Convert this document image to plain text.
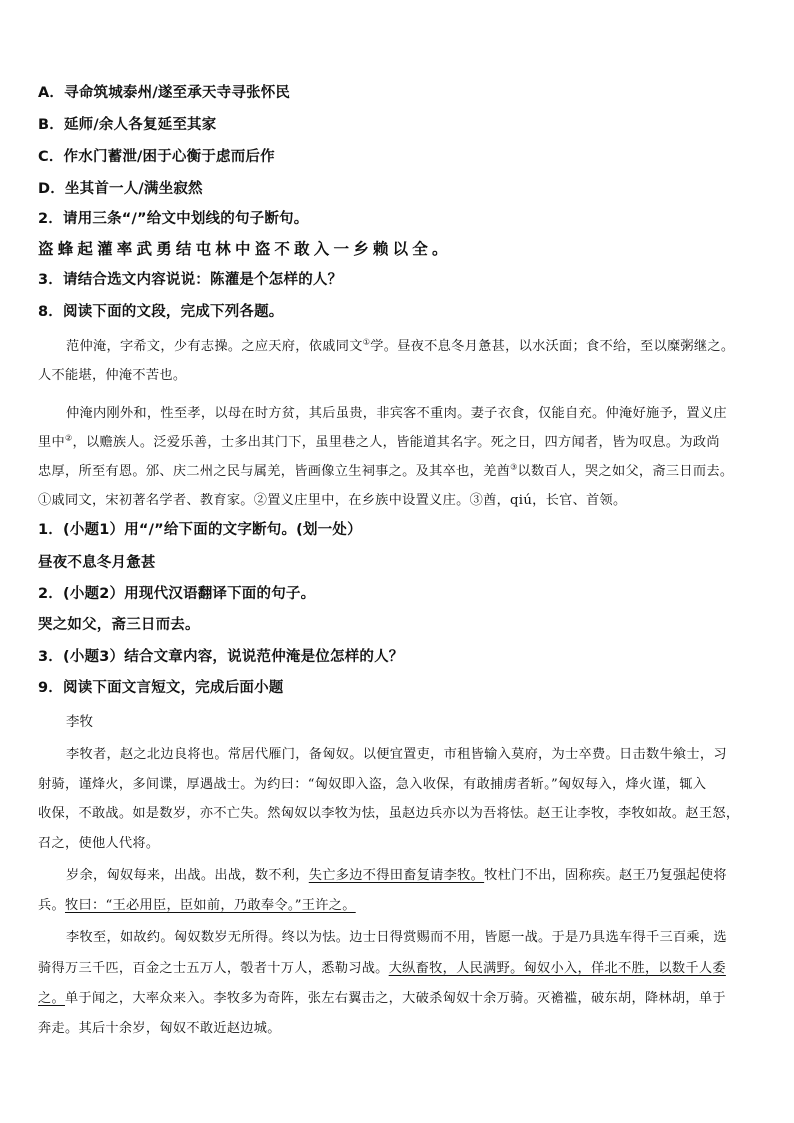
A．寻命筑城泰州/遂至承天寺寻张怀民
B．延师/余人各复延至其家
C．作水门蓄泄/困于心衡于虑而后作
D．坐其首一人/满坐寂然
2．请用三条“/”给文中划线的句子断句。
盗蜂起灌率武勇结屯林中盗不敢入一乡赖以全。
3．请结合选文内容说说：陈灌是个怎样的人？
8．阅读下面的文段，完成下列各题。
范仲淹，字希文，少有志操。之应天府，依戚同文①学。昼夜不息冬月惫甚，以水沃面；食不给，至以糜粥继之。
人不能堪，仲淹不苦也。
仲淹内刚外和，性至孝，以母在时方贫，其后虽贵，非宾客不重肉。妻子衣食，仅能自充。仲淹好施予，置义庄
里中②，以赡族人。泛爱乐善，士多出其门下，虽里巷之人，皆能道其名字。死之日，四方闻者，皆为叹息。为政尚
忠厚，所至有恩。邠、庆二州之民与属羌，皆画像立生祠事之。及其卒也，羌酋③以数百人，哭之如父，斋三日而去。
①戚同文，宋初著名学者、教育家。②置义庄里中，在乡族中设置义庄。③酋，qiú，长官、首领。
1．(小题1）用“/”给下面的文字断句。(划一处）
昼夜不息冬月惫甚
2．(小题2）用现代汉语翻译下面的句子。
哭之如父，斋三日而去。
3．(小题3）结合文章内容，说说范仲淹是位怎样的人？
9．阅读下面文言短文，完成后面小题
李牧
李牧者，赵之北边良将也。常居代雁门，备匈奴。以便宜置吏，市租皆输入莫府，为士卒费。日击数牛飨士，习
射骑，谨烽火，多间谍，厚遇战士。为约曰：“匈奴即入盗，急入收保，有敢捕虏者斩。”匈奴每入，烽火谨，辄入
收保，不敢战。如是数岁，亦不亡失。然匈奴以李牧为怯，虽赵边兵亦以为吾将怯。赵王让李牧，李牧如故。赵王怒，
召之，使他人代将。
岁余，匈奴每来，出战。出战，数不利，失亡多边不得田畜复请李牧。牧杜门不出，固称疾。赵王乃复强起使将
兵。牧曰：“王必用臣，臣如前，乃敢奉令。”王许之。
李牧至，如故约。匈奴数岁无所得。终以为怯。边士日得赏赐而不用，皆愿一战。于是乃具选车得千三百乘，选
骑得万三千匹，百金之士五万人，彀者十万人，悉勒习战。大纵畜牧，人民满野。匈奴小入，佯北不胜，以数千人委
之。单于闻之，大率众来入。李牧多为奇阵，张左右翼击之，大破杀匈奴十余万骑。灭襜褴，破东胡，降林胡，单于
奔走。其后十余岁，匈奴不敢近赵边城。
